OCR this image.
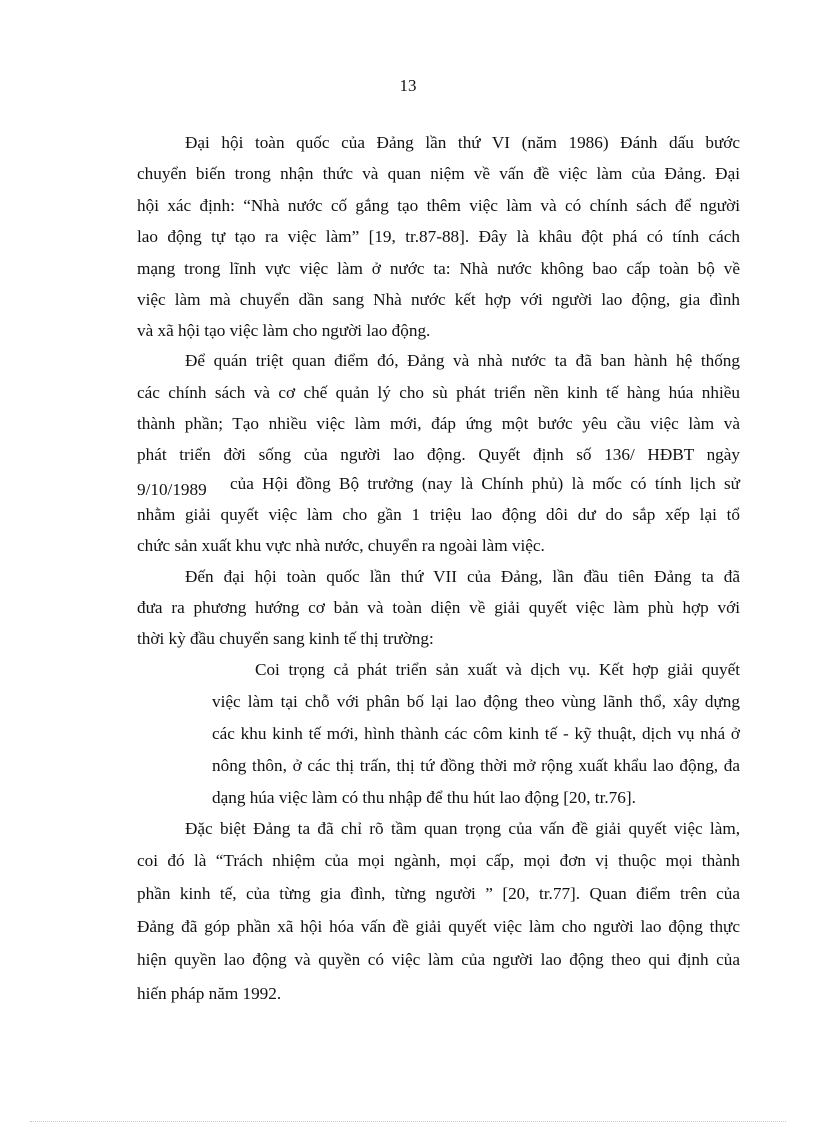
13
Đại hội toàn quốc của Đảng lần thứ VI (năm 1986) Đánh dấu bước
chuyển biến trong nhận thức và quan niệm về vấn đề việc làm của Đảng. Đại
hội xác định: “Nhà nước cố gắng tạo thêm việc làm và có chính sách để người
lao động tự tạo ra việc làm” [19, tr.87-88]. Đây là khâu đột phá có tính cách
mạng trong lĩnh vực việc làm ở nước ta: Nhà nước không bao cấp toàn bộ về
việc làm mà chuyển dần sang Nhà nước kết hợp với người lao động, gia đình
và xã hội tạo việc làm cho người lao động.
Để quán triệt quan điểm đó, Đảng và nhà nước ta đã ban hành hệ thống
các chính sách và cơ chế quản lý cho sù phát triển nền kinh tế hàng húa nhiều
thành phần; Tạo nhiều việc làm mới, đáp ứng một bước yêu cầu việc làm và
phát triển đời sống của người lao động. Quyết định số 136/ HĐBT ngày
9/10/1989 của Hội đồng Bộ trưởng (nay là Chính phủ) là mốc có tính lịch sử
nhằm giải quyết việc làm cho gần 1 triệu lao động dôi dư do sắp xếp lại tổ
chức sản xuất khu vực nhà nước, chuyển ra ngoài làm việc.
Đến đại hội toàn quốc lần thứ VII của Đảng, lần đầu tiên Đảng ta đã
đưa ra phương hướng cơ bản và toàn diện về giải quyết việc làm phù hợp với
thời kỳ đầu chuyển sang kinh tế thị trường:
Coi trọng cả phát triển sản xuất và dịch vụ. Kết hợp giải quyết
việc làm tại chỗ với phân bố lại lao động theo vùng lãnh thổ, xây dựng
các khu kinh tế mới, hình thành các côm kinh tế - kỹ thuật, dịch vụ nhá ở
nông thôn, ở các thị trấn, thị tứ đồng thời mở rộng xuất khẩu lao động, đa
dạng húa việc làm có thu nhập để thu hút lao động [20, tr.76].
Đặc biệt Đảng ta đã chỉ rõ tầm quan trọng của vấn đề giải quyết việc làm,
coi đó là “Trách nhiệm của mọi ngành, mọi cấp, mọi đơn vị thuộc mọi thành
phần kinh tế, của từng gia đình, từng người ” [20, tr.77]. Quan điểm trên của
Đảng đã góp phần xã hội hóa vấn đề giải quyết việc làm cho người lao động thực
hiện quyền lao động và quyền có việc làm của người lao động theo qui định của
hiến pháp năm 1992.
